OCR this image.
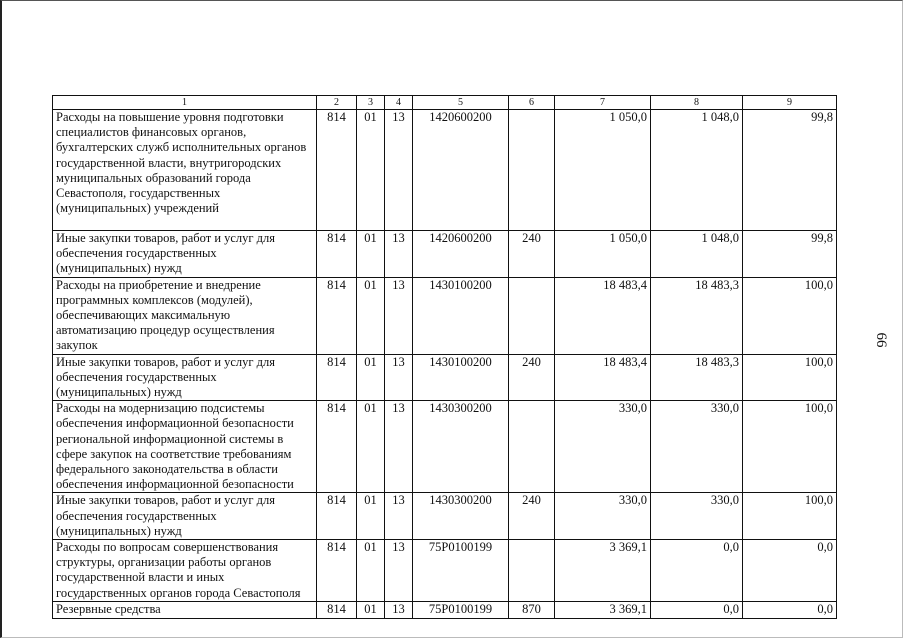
66
1	2	3	4	5	6	7	8	9
Расходы на повышение уровня подготовки специалистов финансовых органов, бухгалтерских служб исполнительных органов государственной власти, внутригородских муниципальных образований города Севастополя, государственных (муниципальных) учреждений	814	01	13	1420600200		1 050,0	1 048,0	99,8
Иные закупки товаров, работ и услуг для обеспечения государственных (муниципальных) нужд	814	01	13	1420600200	240	1 050,0	1 048,0	99,8
Расходы на приобретение и внедрение программных комплексов (модулей), обеспечивающих максимальную автоматизацию процедур осуществления закупок	814	01	13	1430100200		18 483,4	18 483,3	100,0
Иные закупки товаров, работ и услуг для обеспечения государственных (муниципальных) нужд	814	01	13	1430100200	240	18 483,4	18 483,3	100,0
Расходы на модернизацию подсистемы обеспечения информационной безопасности региональной информационной системы в сфере закупок на соответствие требованиям федерального законодательства в области обеспечения информационной безопасности	814	01	13	1430300200		330,0	330,0	100,0
Иные закупки товаров, работ и услуг для обеспечения государственных (муниципальных) нужд	814	01	13	1430300200	240	330,0	330,0	100,0
Расходы по вопросам совершенствования структуры, организации работы органов государственной власти и иных государственных органов города Севастополя	814	01	13	75Р0100199		3 369,1	0,0	0,0
Резервные средства	814	01	13	75Р0100199	870	3 369,1	0,0	0,0
